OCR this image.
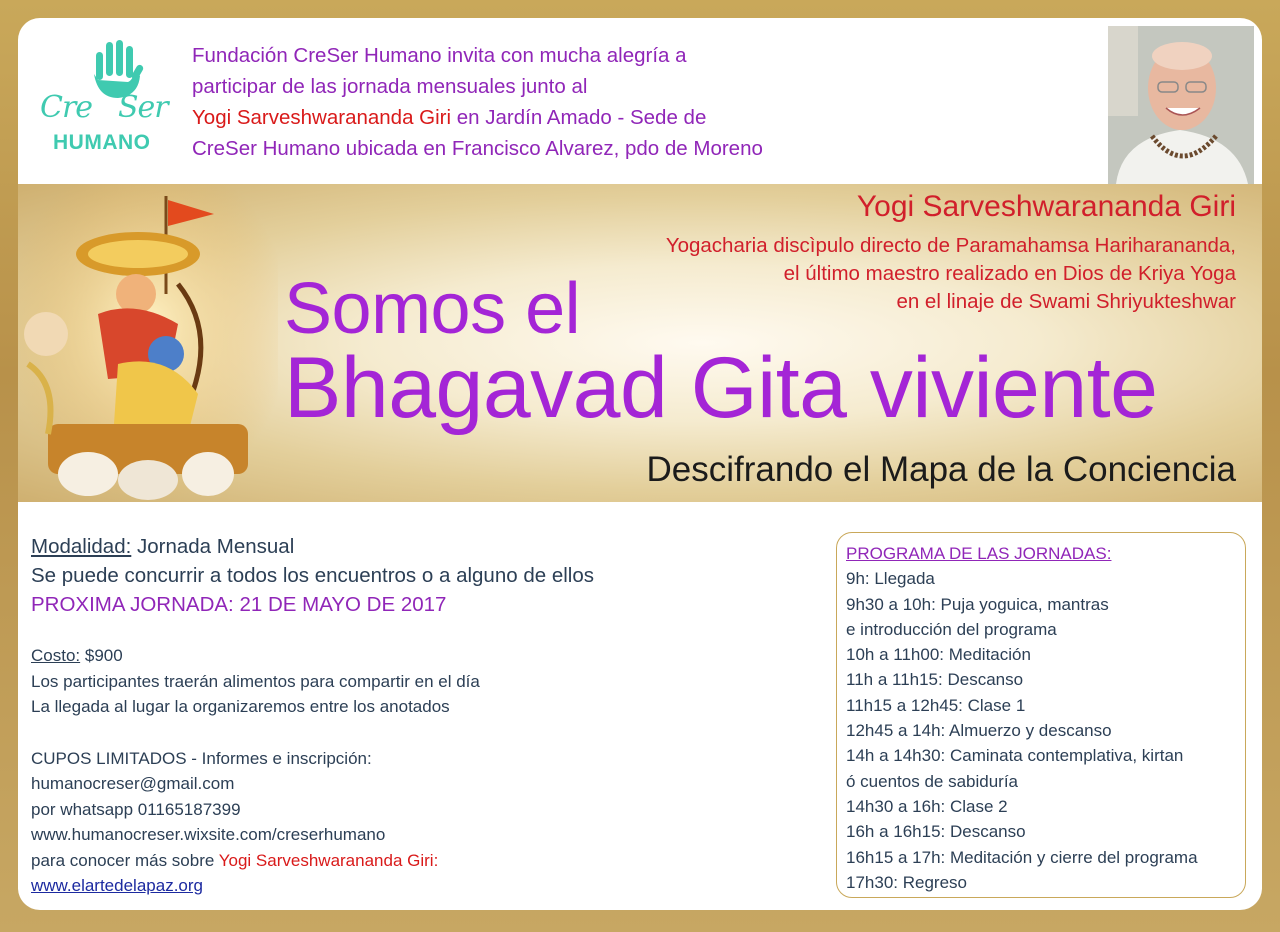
Cre Ser
HUMANO
Fundación CreSer Humano invita con mucha alegría a
participar de las jornada mensuales junto al
Yogi Sarveshwarananda Giri en Jardín Amado - Sede de
CreSer Humano ubicada en Francisco Alvarez, pdo de Moreno
Yogi Sarveshwarananda Giri
Yogacharia discìpulo directo de Paramahamsa Hariharananda,
el último maestro realizado en Dios de Kriya Yoga
en el linaje de Swami Shriyukteshwar
Somos el
Bhagavad Gita viviente
Descifrando el Mapa de la Conciencia
Modalidad: Jornada Mensual
Se puede concurrir a todos los encuentros o a alguno de ellos
PROXIMA JORNADA: 21 DE MAYO DE 2017
Costo: $900
Los participantes traerán alimentos para compartir en el día
La llegada al lugar la organizaremos entre los anotados
CUPOS LIMITADOS - Informes e inscripción:
humanocreser@gmail.com
por whatsapp 01165187399
www.humanocreser.wixsite.com/creserhumano
para conocer más sobre Yogi Sarveshwarananda Giri:
www.elartedelapaz.org
PROGRAMA DE LAS JORNADAS:
9h: Llegada
9h30 a 10h: Puja yoguica, mantras
e introducción del programa
10h a 11h00: Meditación
11h a 11h15: Descanso
11h15 a 12h45: Clase 1
12h45 a 14h: Almuerzo y descanso
14h a 14h30: Caminata contemplativa, kirtan
ó cuentos de sabiduría
14h30 a 16h: Clase 2
16h a 16h15: Descanso
16h15 a 17h: Meditación y cierre del programa
17h30: Regreso
